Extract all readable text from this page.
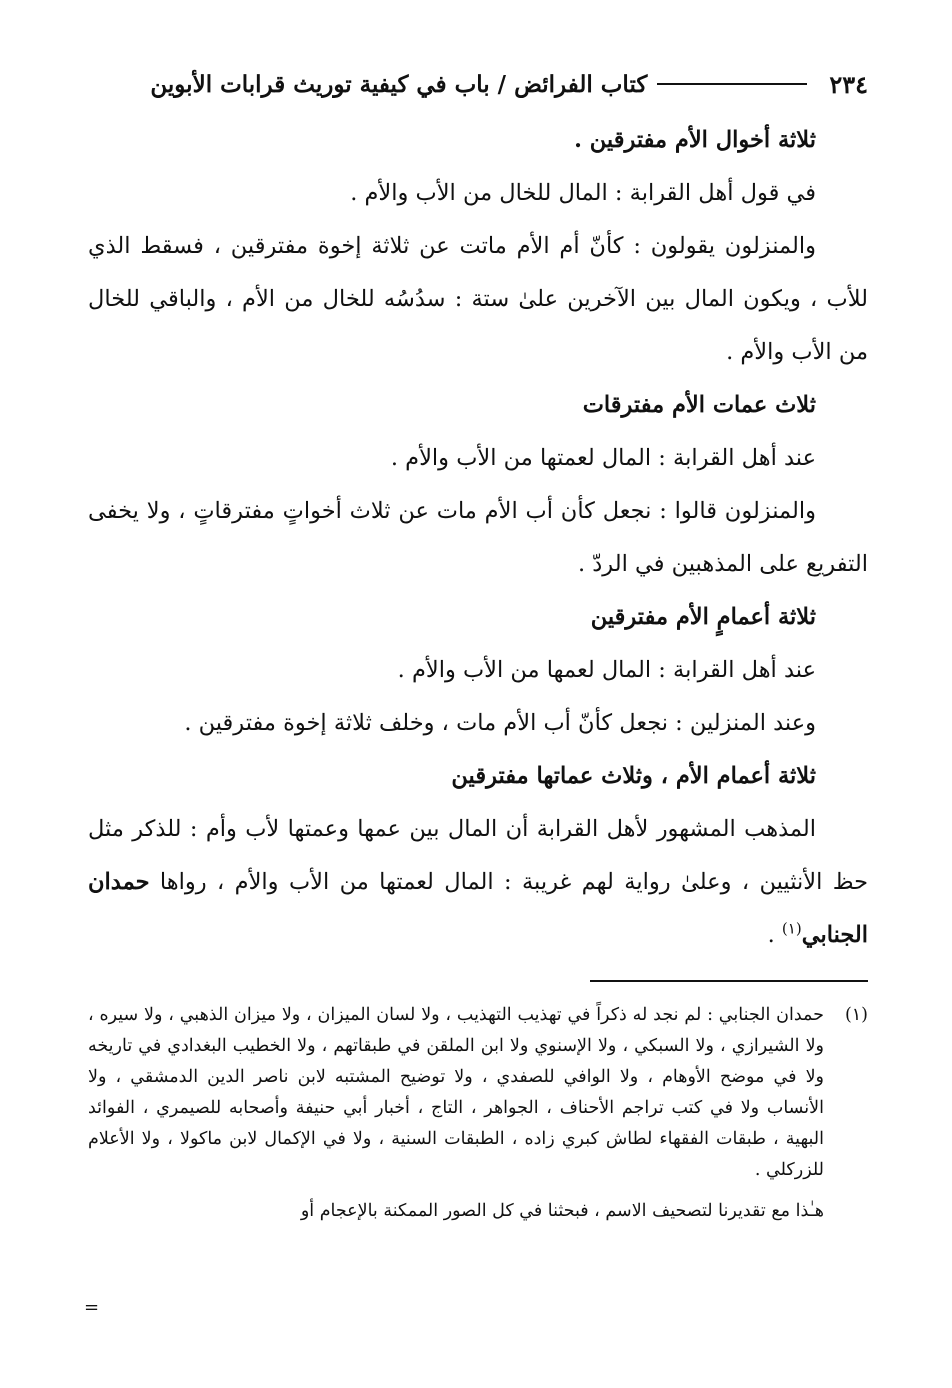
٢٣٤
كتاب الفرائض / باب في كيفية توريث قرابات الأبوين

ثلاثة أخوال الأم مفترقين .

في قول أهل القرابة : المال للخال من الأب والأم .

والمنزلون يقولون : كأنّ أم الأم ماتت عن ثلاثة إخوة مفترقين ، فسقط الذي للأب ، ويكون المال بين الآخرين علىٰ ستة : سدُسُه للخال من الأم ، والباقي للخال من الأب والأم .

ثلاث عمات الأم مفترقات

عند أهل القرابة : المال لعمتها من الأب والأم .

والمنزلون قالوا : نجعل كأن أب الأم مات عن ثلاث أخواتٍ مفترقاتٍ ، ولا يخفى التفريع على المذهبين في الردّ .

ثلاثة أعمامٍ الأم مفترقين

عند أهل القرابة : المال لعمها من الأب والأم .

وعند المنزلين : نجعل كأنّ أب الأم مات ، وخلف ثلاثة إخوة مفترقين .

ثلاثة أعمام الأم ، وثلاث عماتها مفترقين

المذهب المشهور لأهل القرابة أن المال بين عمها وعمتها لأب وأم : للذكر مثل حظ الأنثيين ، وعلىٰ رواية لهم غريبة : المال لعمتها من الأب والأم ، رواها حمدان الجنابي$^{(١)}$ .

(١)
حمدان الجنابي : لم نجد له ذكراً في تهذيب التهذيب ، ولا لسان الميزان ، ولا ميزان الذهبي ، ولا سيره ، ولا الشيرازي ، ولا السبكي ، ولا الإسنوي ولا ابن الملقن في طبقاتهم ، ولا الخطيب البغدادي في تاريخه ولا في موضح الأوهام ، ولا الوافي للصفدي ، ولا توضيح المشتبه لابن ناصر الدين الدمشقي ، ولا الأنساب ولا في كتب تراجم الأحناف ، الجواهر ، التاج ، أخبار أبي حنيفة وأصحابه للصيمري ، الفوائد البهية ، طبقات الفقهاء لطاش كبري زاده ، الطبقات السنية ، ولا في الإكمال لابن ماكولا ، ولا الأعلام للزركلي .

هـٰذا مع تقديرنا لتصحيف الاسم ، فبحثنا في كل الصور الممكنة بالإعجام أو

=
